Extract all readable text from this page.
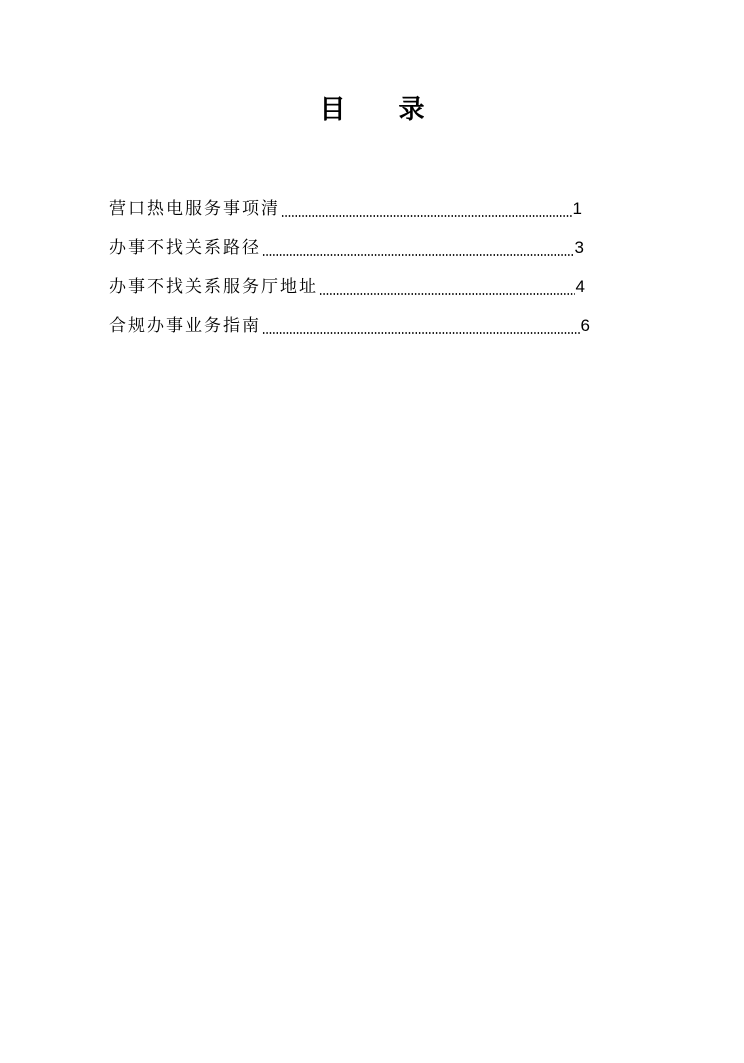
目 录
营口热电服务事项清	1
办事不找关系路径	3
办事不找关系服务厅地址	4
合规办事业务指南	6
